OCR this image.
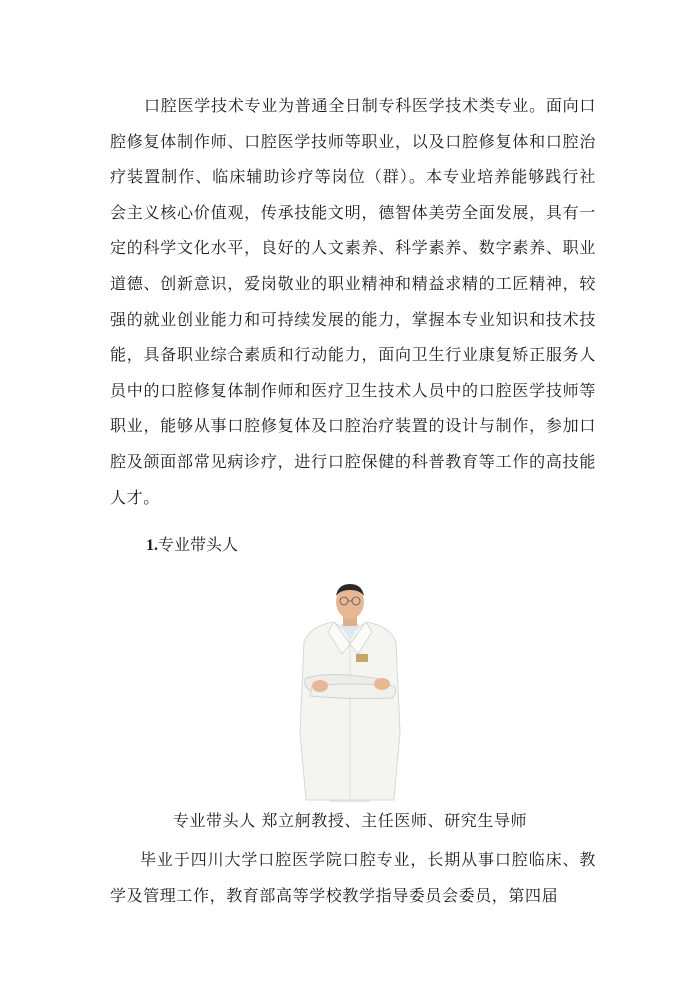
口腔医学技术专业为普通全日制专科医学技术类专业。面向口腔修复体制作师、口腔医学技师等职业，以及口腔修复体和口腔治疗装置制作、临床辅助诊疗等岗位（群）。本专业培养能够践行社会主义核心价值观，传承技能文明，德智体美劳全面发展，具有一定的科学文化水平，良好的人文素养、科学素养、数字素养、职业道德、创新意识，爱岗敬业的职业精神和精益求精的工匠精神，较强的就业创业能力和可持续发展的能力，掌握本专业知识和技术技能，具备职业综合素质和行动能力，面向卫生行业康复矫正服务人员中的口腔修复体制作师和医疗卫生技术人员中的口腔医学技师等职业，能够从事口腔修复体及口腔治疗装置的设计与制作，参加口腔及颌面部常见病诊疗，进行口腔保健的科普教育等工作的高技能人才。

1.专业带头人
专业带头人 郑立舸教授、主任医师、研究生导师

毕业于四川大学口腔医学院口腔专业，长期从事口腔临床、教学及管理工作，教育部高等学校教学指导委员会委员，第四届
